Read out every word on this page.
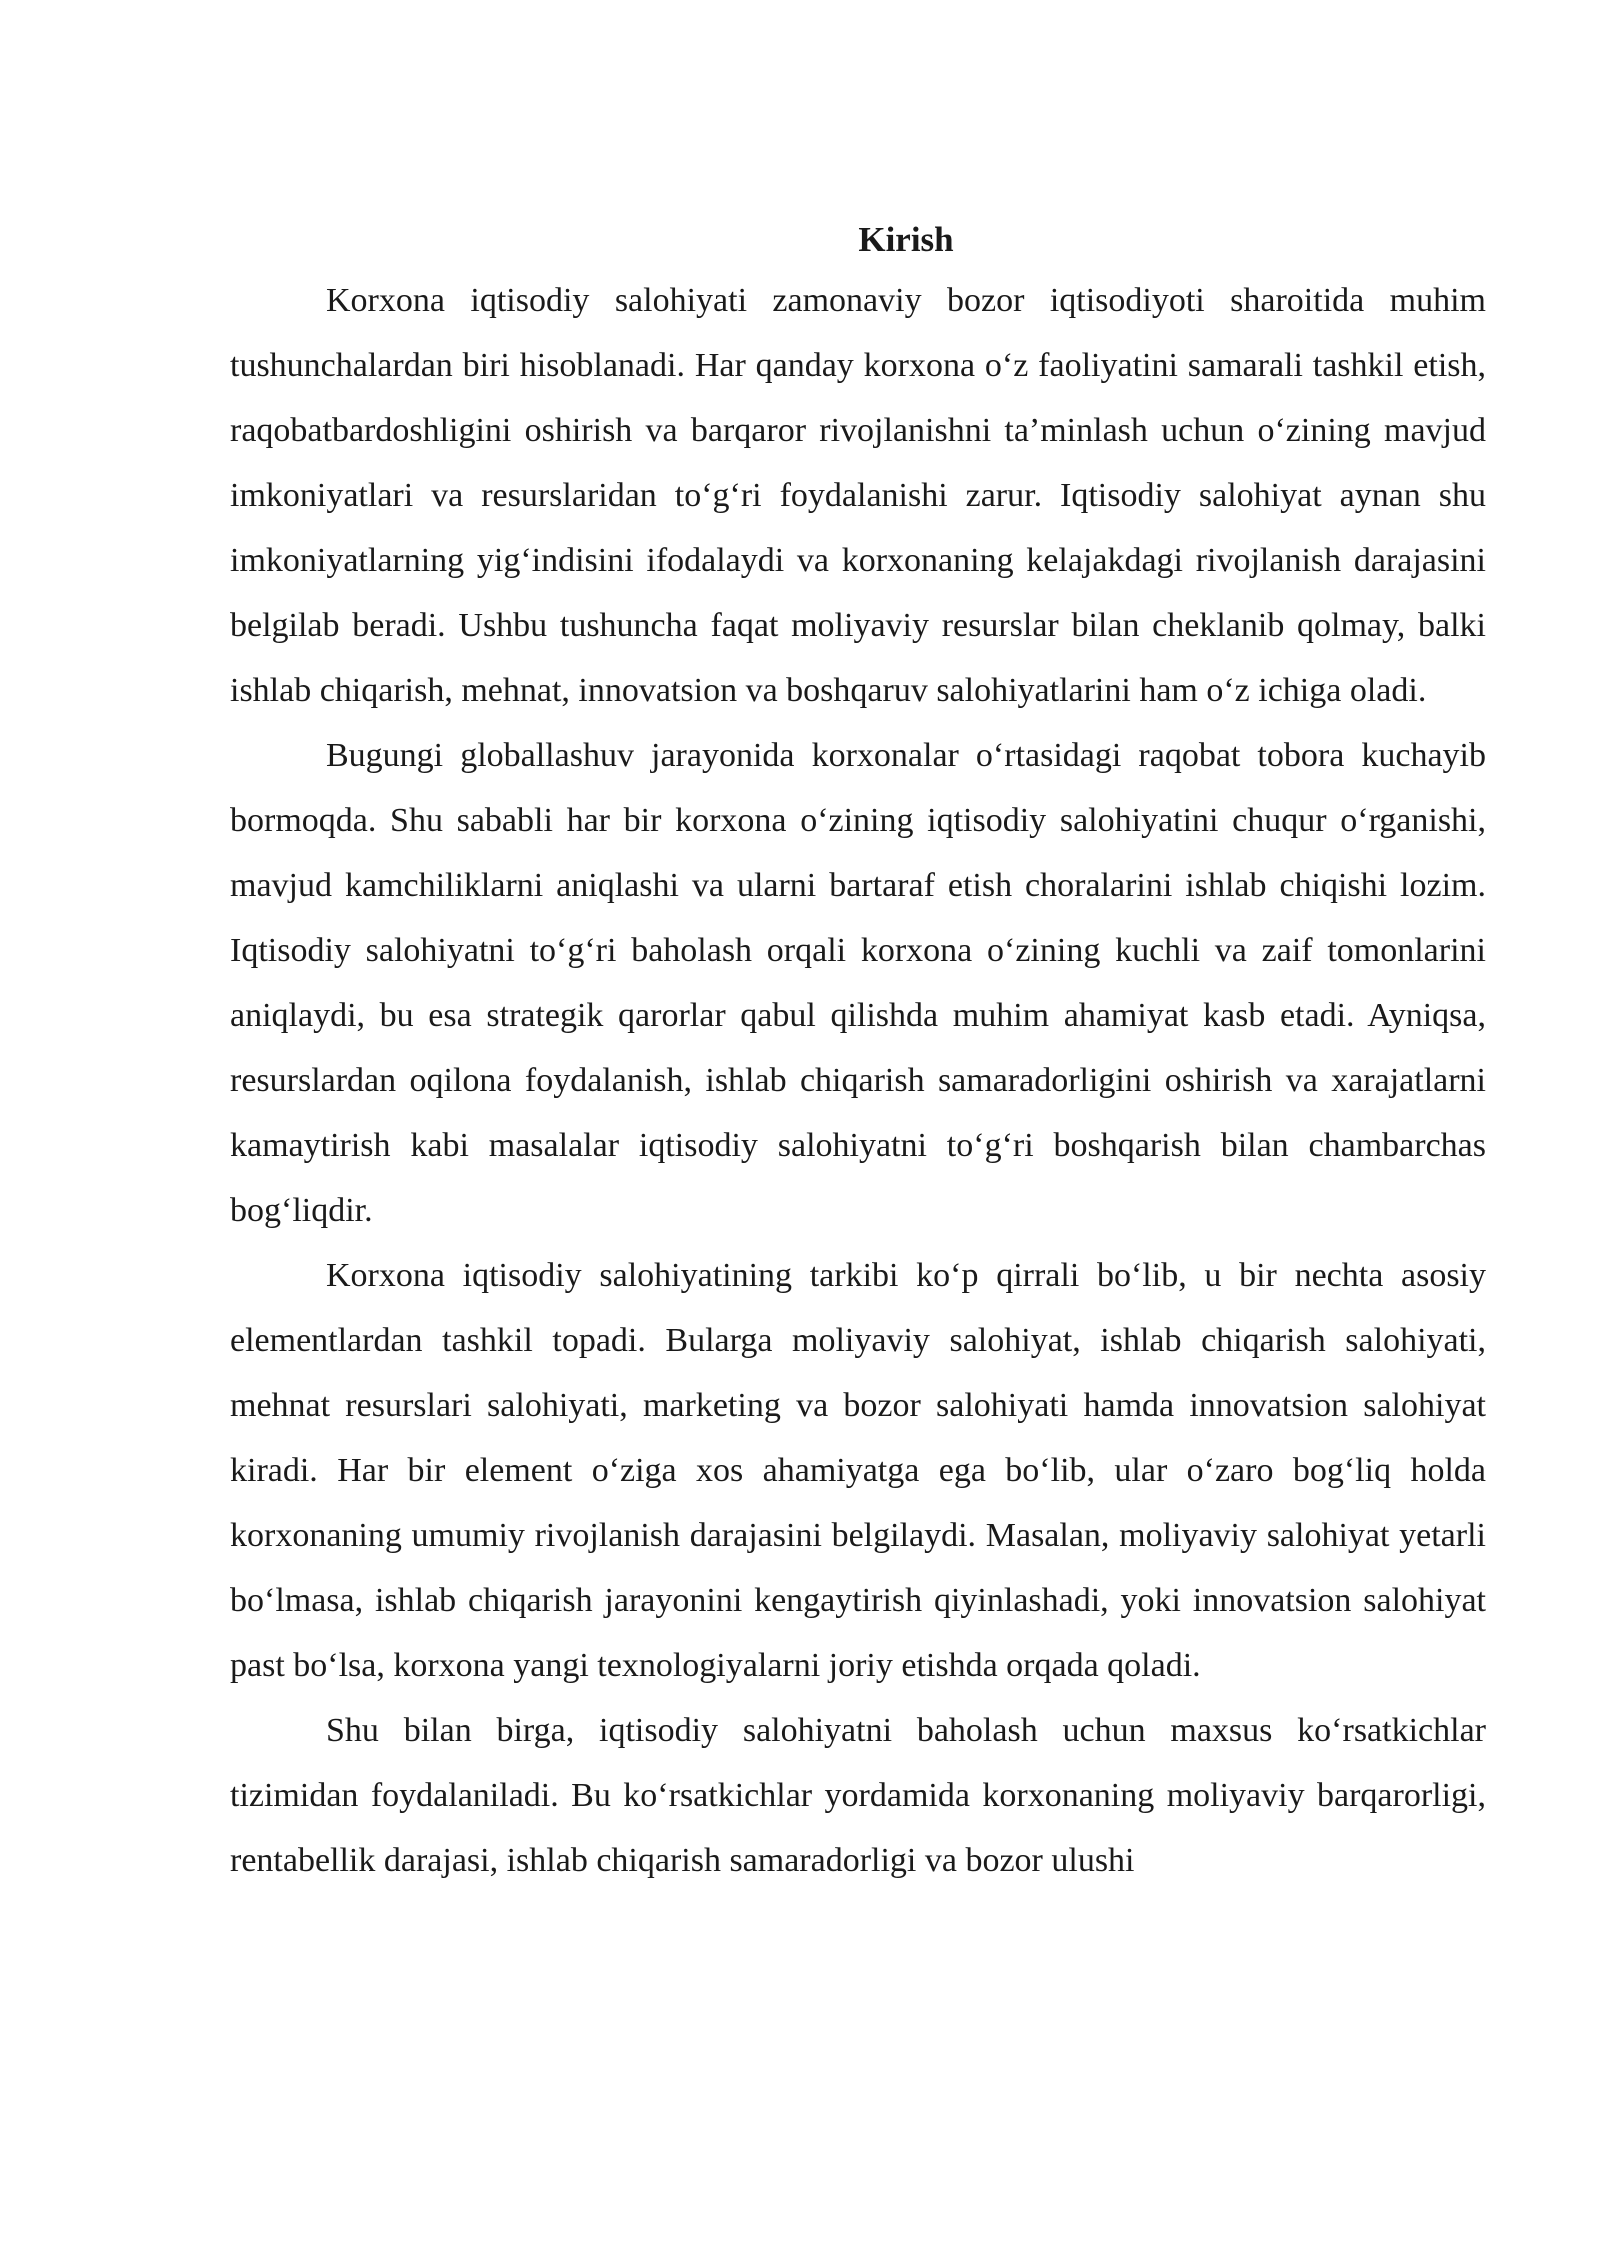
Kirish

Korxona iqtisodiy salohiyati zamonaviy bozor iqtisodiyoti sharoitida muhim tushunchalardan biri hisoblanadi. Har qanday korxona o‘z faoliyatini samarali tashkil etish, raqobatbardoshligini oshirish va barqaror rivojlanishni ta’minlash uchun o‘zining mavjud imkoniyatlari va resurslaridan to‘g‘ri foydalanishi zarur. Iqtisodiy salohiyat aynan shu imkoniyatlarning yig‘indisini ifodalaydi va korxonaning kelajakdagi rivojlanish darajasini belgilab beradi. Ushbu tushuncha faqat moliyaviy resurslar bilan cheklanib qolmay, balki ishlab chiqarish, mehnat, innovatsion va boshqaruv salohiyatlarini ham o‘z ichiga oladi.

Bugungi globallashuv jarayonida korxonalar o‘rtasidagi raqobat tobora kuchayib bormoqda. Shu sababli har bir korxona o‘zining iqtisodiy salohiyatini chuqur o‘rganishi, mavjud kamchiliklarni aniqlashi va ularni bartaraf etish choralarini ishlab chiqishi lozim. Iqtisodiy salohiyatni to‘g‘ri baholash orqali korxona o‘zining kuchli va zaif tomonlarini aniqlaydi, bu esa strategik qarorlar qabul qilishda muhim ahamiyat kasb etadi. Ayniqsa, resurslardan oqilona foydalanish, ishlab chiqarish samaradorligini oshirish va xarajatlarni kamaytirish kabi masalalar iqtisodiy salohiyatni to‘g‘ri boshqarish bilan chambarchas bog‘liqdir.

Korxona iqtisodiy salohiyatining tarkibi ko‘p qirrali bo‘lib, u bir nechta asosiy elementlardan tashkil topadi. Bularga moliyaviy salohiyat, ishlab chiqarish salohiyati, mehnat resurslari salohiyati, marketing va bozor salohiyati hamda innovatsion salohiyat kiradi. Har bir element o‘ziga xos ahamiyatga ega bo‘lib, ular o‘zaro bog‘liq holda korxonaning umumiy rivojlanish darajasini belgilaydi. Masalan, moliyaviy salohiyat yetarli bo‘lmasa, ishlab chiqarish jarayonini kengaytirish qiyinlashadi, yoki innovatsion salohiyat past bo‘lsa, korxona yangi texnologiyalarni joriy etishda orqada qoladi.

Shu bilan birga, iqtisodiy salohiyatni baholash uchun maxsus ko‘rsatkichlar tizimidan foydalaniladi. Bu ko‘rsatkichlar yordamida korxonaning moliyaviy barqarorligi, rentabellik darajasi, ishlab chiqarish samaradorligi va bozor ulushi
